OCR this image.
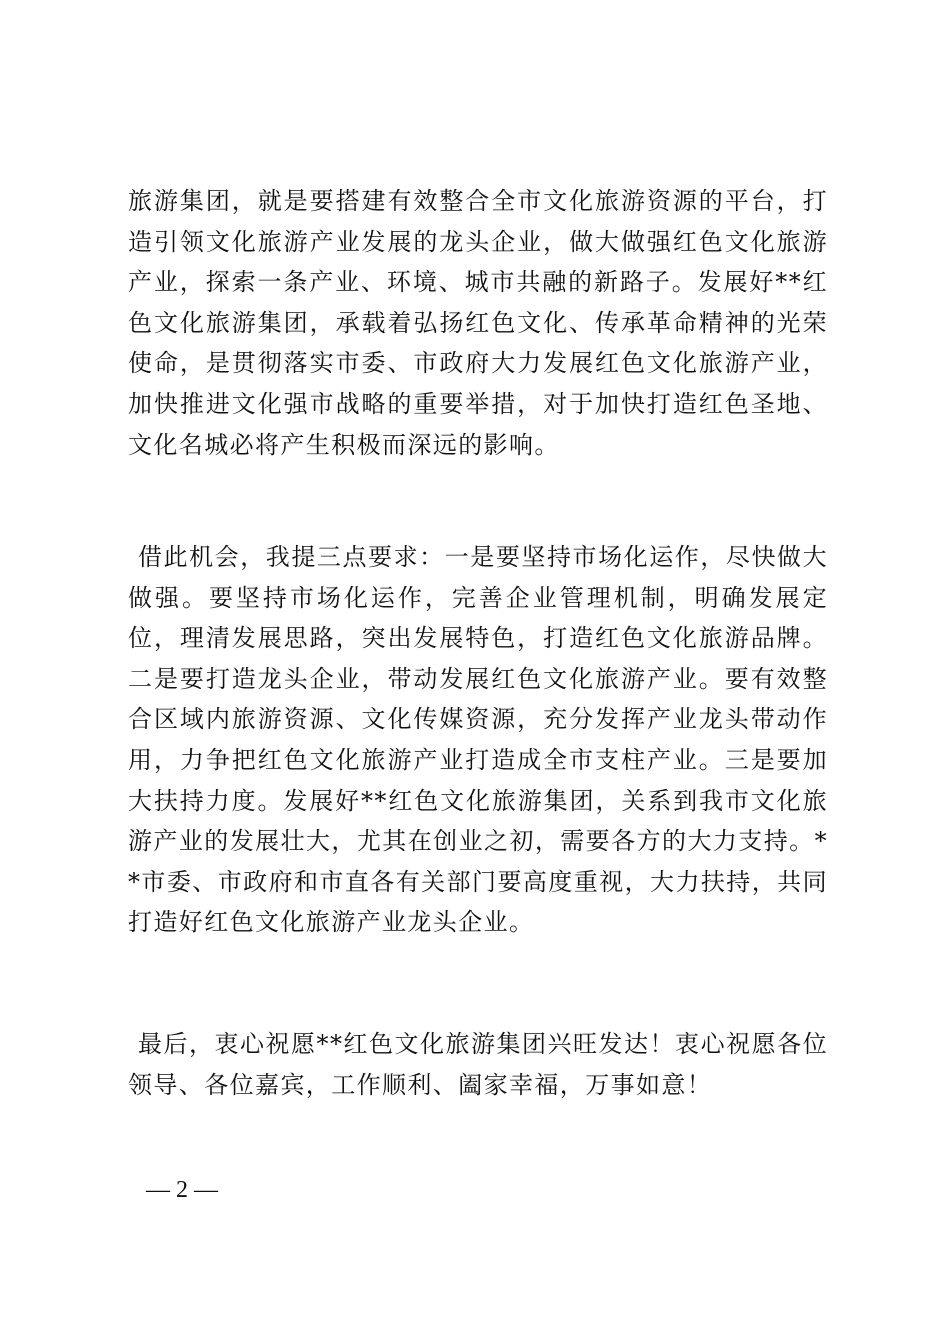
旅游集团，就是要搭建有效整合全市文化旅游资源的平台，打造引领文化旅游产业发展的龙头企业，做大做强红色文化旅游产业，探索一条产业、环境、城市共融的新路子。发展好**红色文化旅游集团，承载着弘扬红色文化、传承革命精神的光荣使命，是贯彻落实市委、市政府大力发展红色文化旅游产业，加快推进文化强市战略的重要举措，对于加快打造红色圣地、文化名城必将产生积极而深远的影响。

借此机会，我提三点要求：一是要坚持市场化运作，尽快做大做强。要坚持市场化运作，完善企业管理机制，明确发展定位，理清发展思路，突出发展特色，打造红色文化旅游品牌。二是要打造龙头企业，带动发展红色文化旅游产业。要有效整合区域内旅游资源、文化传媒资源，充分发挥产业龙头带动作用，力争把红色文化旅游产业打造成全市支柱产业。三是要加大扶持力度。发展好**红色文化旅游集团，关系到我市文化旅游产业的发展壮大，尤其在创业之初，需要各方的大力支持。**市委、市政府和市直各有关部门要高度重视，大力扶持，共同打造好红色文化旅游产业龙头企业。

最后，衷心祝愿**红色文化旅游集团兴旺发达！衷心祝愿各位领导、各位嘉宾，工作顺利、阖家幸福，万事如意！

— 2 —
